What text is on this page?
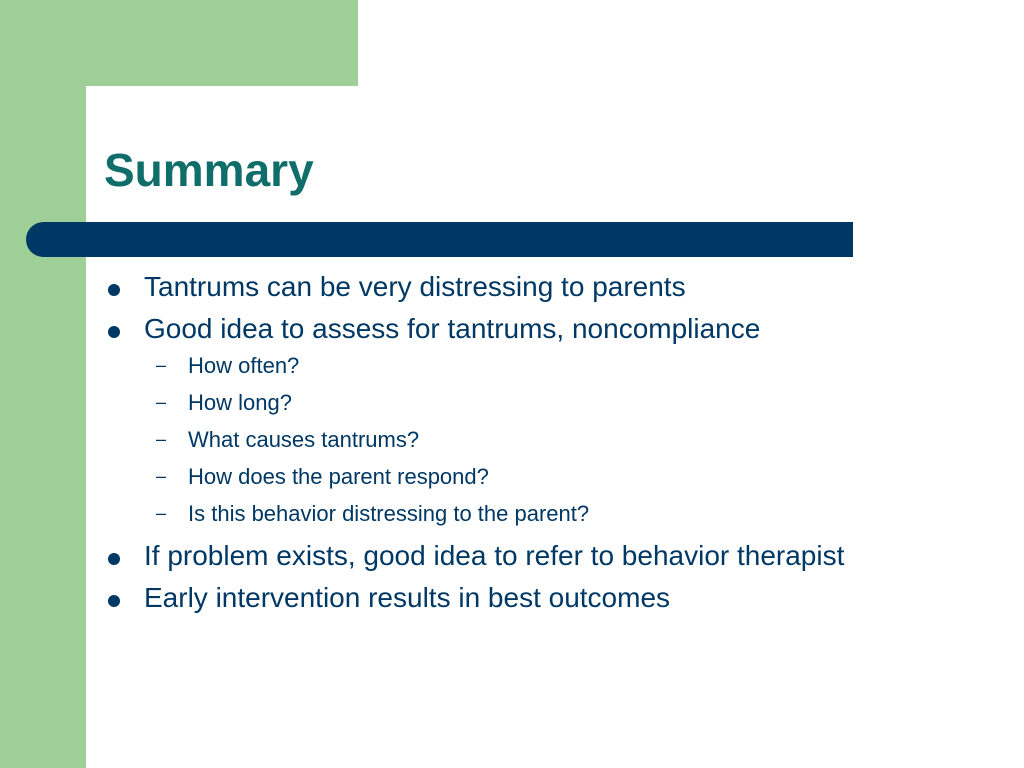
Summary
Tantrums can be very distressing to parents
Good idea to assess for tantrums, noncompliance
– How often?
– How long?
– What causes tantrums?
– How does the parent respond?
– Is this behavior distressing to the parent?
If problem exists, good idea to refer to behavior therapist
Early intervention results in best outcomes
